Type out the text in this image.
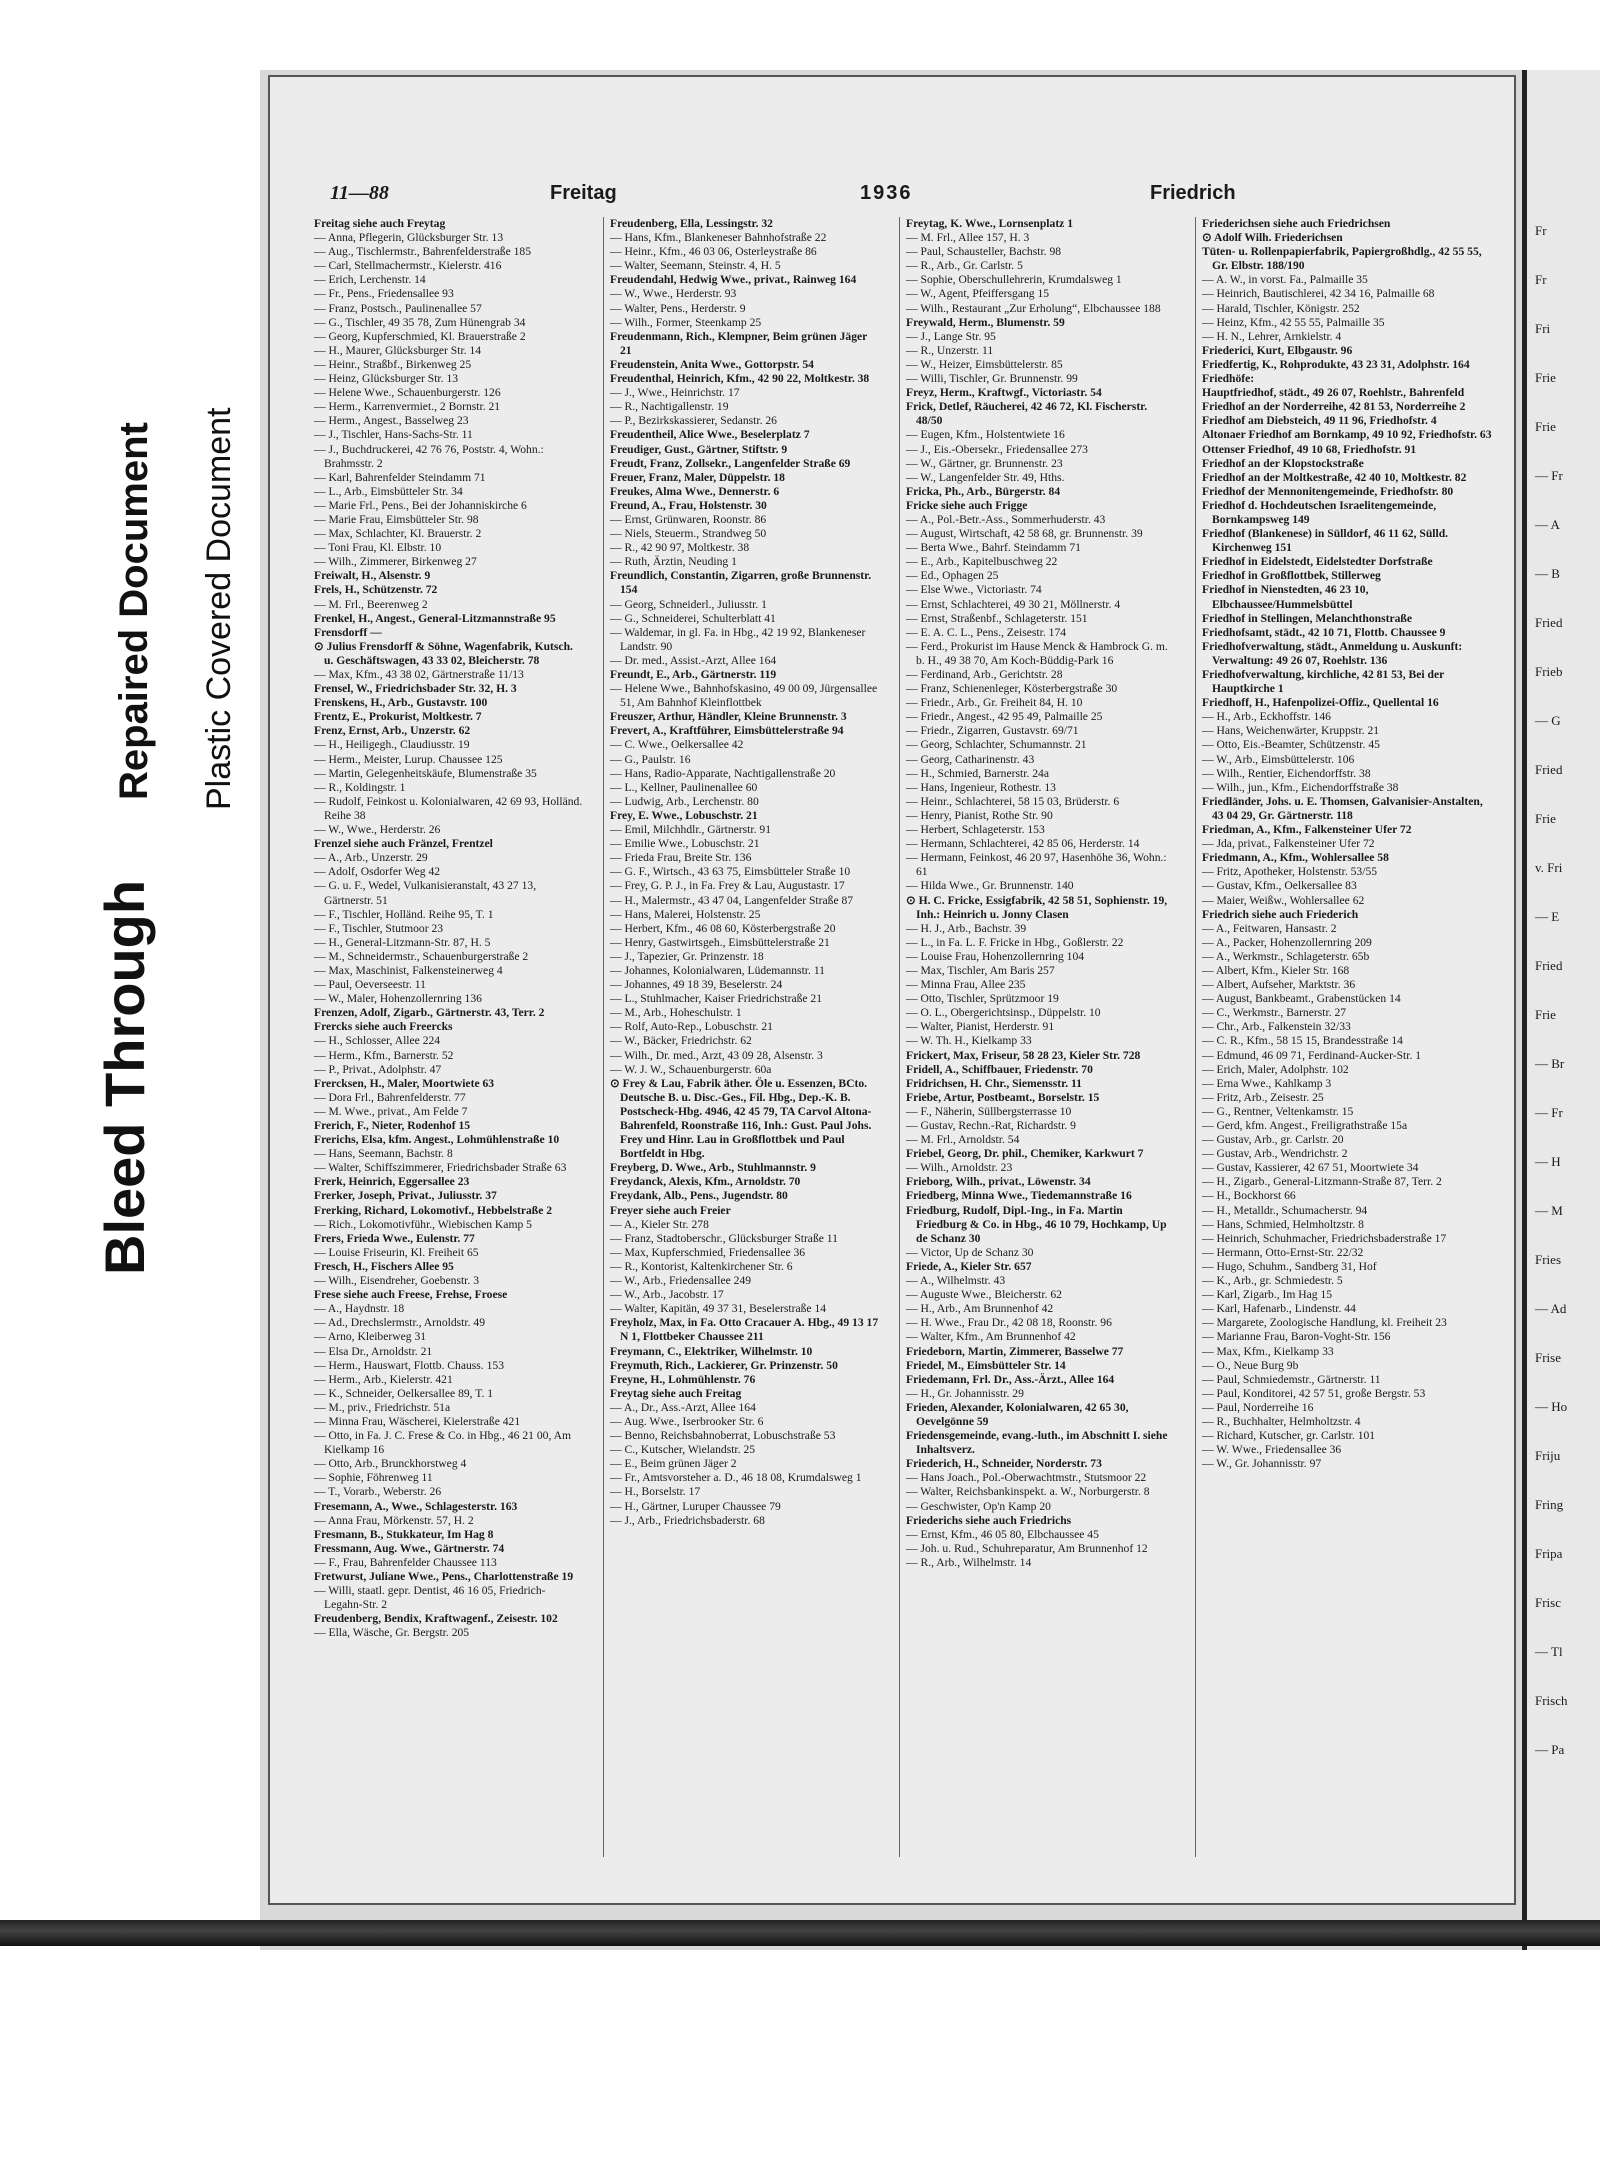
Bleed Through
Repaired Document Plastic Covered Document
11—88	Freitag	1936	Friedrich

Freitag siehe auch Freytag

— Anna, Pflegerin, Glücksburger Str. 13

— Aug., Tischlermstr., Bahrenfelderstraße 185

— Carl, Stellmachermstr., Kielerstr. 416

— Erich, Lerchenstr. 14

— Fr., Pens., Friedensallee 93

— Franz, Postsch., Paulinenallee 57

— G., Tischler, 49 35 78, Zum Hünengrab 34

— Georg, Kupferschmied, Kl. Brauerstraße 2

— H., Maurer, Glücksburger Str. 14

— Heinr., Straßbf., Birkenweg 25

— Heinz, Glücksburger Str. 13

— Helene Wwe., Schauenburgerstr. 126

— Herm., Karrenvermiet., 2 Bornstr. 21

— Herm., Angest., Basselweg 23

— J., Tischler, Hans-Sachs-Str. 11

— J., Buchdruckerei, 42 76 76, Poststr. 4, Wohn.: Brahmsstr. 2

— Karl, Bahrenfelder Steindamm 71

— L., Arb., Eimsbütteler Str. 34

— Marie Frl., Pens., Bei der Johanniskirche 6

— Marie Frau, Eimsbütteler Str. 98

— Max, Schlachter, Kl. Brauerstr. 2

— Toni Frau, Kl. Elbstr. 10

— Wilh., Zimmerer, Birkenweg 27

Freiwalt, H., Alsenstr. 9

Frels, H., Schützenstr. 72

— M. Frl., Beerenweg 2

Frenkel, H., Angest., General-Litzmannstraße 95

Frensdorff —

⊙ Julius Frensdorff & Söhne, Wagenfabrik, Kutsch. u. Geschäftswagen, 43 33 02, Bleicherstr. 78

— Max, Kfm., 43 38 02, Gärtnerstraße 11/13

Frensel, W., Friedrichsbader Str. 32, H. 3

Frenskens, H., Arb., Gustavstr. 100

Frentz, E., Prokurist, Moltkestr. 7

Frenz, Ernst, Arb., Unzerstr. 62

— H., Heiligegh., Claudiusstr. 19

— Herm., Meister, Lurup. Chaussee 125

— Martin, Gelegenheitskäufe, Blumenstraße 35

— R., Koldingstr. 1

— Rudolf, Feinkost u. Kolonialwaren, 42 69 93, Holländ. Reihe 38

— W., Wwe., Herderstr. 26

Frenzel siehe auch Fränzel, Frentzel

— A., Arb., Unzerstr. 29

— Adolf, Osdorfer Weg 42

— G. u. F., Wedel, Vulkanisieranstalt, 43 27 13, Gärtnerstr. 51

— F., Tischler, Holländ. Reihe 95, T. 1

— F., Tischler, Stutmoor 23

— H., General-Litzmann-Str. 87, H. 5

— M., Schneidermstr., Schauenburgerstraße 2

— Max, Maschinist, Falkensteinerweg 4

— Paul, Oeverseestr. 11

— W., Maler, Hohenzollernring 136

Frenzen, Adolf, Zigarb., Gärtnerstr. 43, Terr. 2

Frercks siehe auch Freercks

— H., Schlosser, Allee 224

— Herm., Kfm., Barnerstr. 52

— P., Privat., Adolphstr. 47

Frercksen, H., Maler, Moortwiete 63

— Dora Frl., Bahrenfelderstr. 77

— M. Wwe., privat., Am Felde 7

Frerich, F., Nieter, Rodenhof 15

Frerichs, Elsa, kfm. Angest., Lohmühlenstraße 10

— Hans, Seemann, Bachstr. 8

— Walter, Schiffszimmerer, Friedrichsbader Straße 63

Frerk, Heinrich, Eggersallee 23

Frerker, Joseph, Privat., Juliusstr. 37

Frerking, Richard, Lokomotivf., Hebbelstraße 2

— Rich., Lokomotivführ., Wiebischen Kamp 5

Frers, Frieda Wwe., Eulenstr. 77

— Louise Friseurin, Kl. Freiheit 65

Fresch, H., Fischers Allee 95

— Wilh., Eisendreher, Goebenstr. 3

Frese siehe auch Freese, Frehse, Froese

— A., Haydnstr. 18

— Ad., Drechslermstr., Arnoldstr. 49

— Arno, Kleiberweg 31

— Elsa Dr., Arnoldstr. 21

— Herm., Hauswart, Flottb. Chauss. 153

— Herm., Arb., Kielerstr. 421

— K., Schneider, Oelkersallee 89, T. 1

— M., priv., Friedrichstr. 51a

— Minna Frau, Wäscherei, Kielerstraße 421

— Otto, in Fa. J. C. Frese & Co. in Hbg., 46 21 00, Am Kielkamp 16

— Otto, Arb., Brunckhorstweg 4

— Sophie, Föhrenweg 11

— T., Vorarb., Weberstr. 26

Fresemann, A., Wwe., Schlagesterstr. 163

— Anna Frau, Mörkenstr. 57, H. 2

Fresmann, B., Stukkateur, Im Hag 8

Fressmann, Aug. Wwe., Gärtnerstr. 74

— F., Frau, Bahrenfelder Chaussee 113

Fretwurst, Juliane Wwe., Pens., Charlottenstraße 19

— Willi, staatl. gepr. Dentist, 46 16 05, Friedrich-Legahn-Str. 2

Freudenberg, Bendix, Kraftwagenf., Zeisestr. 102

— Ella, Wäsche, Gr. Bergstr. 205

Freudenberg, Ella, Lessingstr. 32

— Hans, Kfm., Blankeneser Bahnhofstraße 22

— Heinr., Kfm., 46 03 06, Osterleystraße 86

— Walter, Seemann, Steinstr. 4, H. 5

Freudendahl, Hedwig Wwe., privat., Rainweg 164

— W., Wwe., Herderstr. 93

— Walter, Pens., Herderstr. 9

— Wilh., Former, Steenkamp 25

Freudenmann, Rich., Klempner, Beim grünen Jäger 21

Freudenstein, Anita Wwe., Gottorpstr. 54

Freudenthal, Heinrich, Kfm., 42 90 22, Moltkestr. 38

— J., Wwe., Heinrichstr. 17

— R., Nachtigallenstr. 19

— P., Bezirkskassierer, Sedanstr. 26

Freudentheil, Alice Wwe., Beselerplatz 7

Freudiger, Gust., Gärtner, Stiftstr. 9

Freudt, Franz, Zollsekr., Langenfelder Straße 69

Freuer, Franz, Maler, Düppelstr. 18

Freukes, Alma Wwe., Dennerstr. 6

Freund, A., Frau, Holstenstr. 30

— Ernst, Grünwaren, Roonstr. 86

— Niels, Steuerm., Strandweg 50

— R., 42 90 97, Moltkestr. 38

— Ruth, Ärztin, Neuding 1

Freundlich, Constantin, Zigarren, große Brunnenstr. 154

— Georg, Schneiderl., Juliusstr. 1

— G., Schneiderei, Schulterblatt 41

— Waldemar, in gl. Fa. in Hbg., 42 19 92, Blankeneser Landstr. 90

— Dr. med., Assist.-Arzt, Allee 164

Freundt, E., Arb., Gärtnerstr. 119

— Helene Wwe., Bahnhofskasino, 49 00 09, Jürgensallee 51, Am Bahnhof Kleinflottbek

Freuszer, Arthur, Händler, Kleine Brunnenstr. 3

Frevert, A., Kraftführer, Eimsbüttelerstraße 94

— C. Wwe., Oelkersallee 42

— G., Paulstr. 16

— Hans, Radio-Apparate, Nachtigallenstraße 20

— L., Kellner, Paulinenallee 60

— Ludwig, Arb., Lerchenstr. 80

Frey, E. Wwe., Lobuschstr. 21

— Emil, Milchhdlr., Gärtnerstr. 91

— Emilie Wwe., Lobuschstr. 21

— Frieda Frau, Breite Str. 136

— G. F., Wirtsch., 43 63 75, Eimsbütteler Straße 10

— Frey, G. P. J., in Fa. Frey & Lau, Augustastr. 17

— H., Malermstr., 43 47 04, Langenfelder Straße 87

— Hans, Malerei, Holstenstr. 25

— Herbert, Kfm., 46 08 60, Kösterbergstraße 20

— Henry, Gastwirtsgeh., Eimsbüttelerstraße 21

— J., Tapezier, Gr. Prinzenstr. 18

— Johannes, Kolonialwaren, Lüdemannstr. 11

— Johannes, 49 18 39, Beselerstr. 24

— L., Stuhlmacher, Kaiser Friedrichstraße 21

— M., Arb., Hoheschulstr. 1

— Rolf, Auto-Rep., Lobuschstr. 21

— W., Bäcker, Friedrichstr. 62

— Wilh., Dr. med., Arzt, 43 09 28, Alsenstr. 3

— W. J. W., Schauenburgerstr. 60a

⊙ Frey & Lau, Fabrik äther. Öle u. Essenzen, BCto. Deutsche B. u. Disc.-Ges., Fil. Hbg., Dep.-K. B. Postscheck-Hbg. 4946, 42 45 79, TA Carvol Altona-Bahrenfeld, Roonstraße 116, Inh.: Gust. Paul Johs. Frey und Hinr. Lau in Großflottbek und Paul Bortfeldt in Hbg.

Freyberg, D. Wwe., Arb., Stuhlmannstr. 9

Freydanck, Alexis, Kfm., Arnoldstr. 70

Freydank, Alb., Pens., Jugendstr. 80

Freyer siehe auch Freier

— A., Kieler Str. 278

— Franz, Stadtoberschr., Glücksburger Straße 11

— Max, Kupferschmied, Friedensallee 36

— R., Kontorist, Kaltenkirchener Str. 6

— W., Arb., Friedensallee 249

— W., Arb., Jacobstr. 17

— Walter, Kapitän, 49 37 31, Beselerstraße 14

Freyholz, Max, in Fa. Otto Cracauer A. Hbg., 49 13 17 N 1, Flottbeker Chaussee 211

Freymann, C., Elektriker, Wilhelmstr. 10

Freymuth, Rich., Lackierer, Gr. Prinzenstr. 50

Freyne, H., Lohmühlenstr. 76

Freytag siehe auch Freitag

— A., Dr., Ass.-Arzt, Allee 164

— Aug. Wwe., Iserbrooker Str. 6

— Benno, Reichsbahnoberrat, Lobuschstraße 53

— C., Kutscher, Wielandstr. 25

— E., Beim grünen Jäger 2

— Fr., Amtsvorsteher a. D., 46 18 08, Krumdalsweg 1

— H., Borselstr. 17

— H., Gärtner, Luruper Chaussee 79

— J., Arb., Friedrichsbaderstr. 68

Freytag, K. Wwe., Lornsenplatz 1

— M. Frl., Allee 157, H. 3

— Paul, Schausteller, Bachstr. 98

— R., Arb., Gr. Carlstr. 5

— Sophie, Oberschullehrerin, Krumdalsweg 1

— W., Agent, Pfeiffersgang 15

— Wilh., Restaurant „Zur Erholung“, Elbchaussee 188

Freywald, Herm., Blumenstr. 59

— J., Lange Str. 95

— R., Unzerstr. 11

— W., Heizer, Eimsbüttelerstr. 85

— Willi, Tischler, Gr. Brunnenstr. 99

Freyz, Herm., Kraftwgf., Victoriastr. 54

Frick, Detlef, Räucherei, 42 46 72, Kl. Fischerstr. 48/50

— Eugen, Kfm., Holstentwiete 16

— J., Eis.-Obersekr., Friedensallee 273

— W., Gärtner, gr. Brunnenstr. 23

— W., Langenfelder Str. 49, Hths.

Fricka, Ph., Arb., Bürgerstr. 84

Fricke siehe auch Frigge

— A., Pol.-Betr.-Ass., Sommerhuderstr. 43

— August, Wirtschaft, 42 58 68, gr. Brunnenstr. 39

— Berta Wwe., Bahrf. Steindamm 71

— E., Arb., Kapitelbuschweg 22

— Ed., Ophagen 25

— Else Wwe., Victoriastr. 74

— Ernst, Schlachterei, 49 30 21, Möllnerstr. 4

— Ernst, Straßenbf., Schlageterstr. 151

— E. A. C. L., Pens., Zeisestr. 174

— Ferd., Prokurist im Hause Menck & Hambrock G. m. b. H., 49 38 70, Am Koch-Büddig-Park 16

— Ferdinand, Arb., Gerichtstr. 28

— Franz, Schienenleger, Kösterbergstraße 30

— Friedr., Arb., Gr. Freiheit 84, H. 10

— Friedr., Angest., 42 95 49, Palmaille 25

— Friedr., Zigarren, Gustavstr. 69/71

— Georg, Schlachter, Schumannstr. 21

— Georg, Catharinenstr. 43

— H., Schmied, Barnerstr. 24a

— Hans, Ingenieur, Rothestr. 13

— Heinr., Schlachterei, 58 15 03, Brüderstr. 6

— Henry, Pianist, Rothe Str. 90

— Herbert, Schlageterstr. 153

— Hermann, Schlachterei, 42 85 06, Herderstr. 14

— Hermann, Feinkost, 46 20 97, Hasenhöhe 36, Wohn.: 61

— Hilda Wwe., Gr. Brunnenstr. 140

⊙ H. C. Fricke, Essigfabrik, 42 58 51, Sophienstr. 19, Inh.: Heinrich u. Jonny Clasen

— H. J., Arb., Bachstr. 39

— L., in Fa. L. F. Fricke in Hbg., Goßlerstr. 22

— Louise Frau, Hohenzollernring 104

— Max, Tischler, Am Baris 257

— Minna Frau, Allee 235

— Otto, Tischler, Sprützmoor 19

— O. L., Obergerichtsinsp., Düppelstr. 10

— Walter, Pianist, Herderstr. 91

— W. Th. H., Kielkamp 33

Frickert, Max, Friseur, 58 28 23, Kieler Str. 728

Fridell, A., Schiffbauer, Friedenstr. 70

Fridrichsen, H. Chr., Siemensstr. 11

Friebe, Artur, Postbeamt., Borselstr. 15

— F., Näherin, Süllbergsterrasse 10

— Gustav, Rechn.-Rat, Richardstr. 9

— M. Frl., Arnoldstr. 54

Friebel, Georg, Dr. phil., Chemiker, Karkwurt 7

— Wilh., Arnoldstr. 23

Frieborg, Wilh., privat., Löwenstr. 34

Friedberg, Minna Wwe., Tiedemannstraße 16

Friedburg, Rudolf, Dipl.-Ing., in Fa. Martin Friedburg & Co. in Hbg., 46 10 79, Hochkamp, Up de Schanz 30

— Victor, Up de Schanz 30

Friede, A., Kieler Str. 657

— A., Wilhelmstr. 43

— Auguste Wwe., Bleicherstr. 62

— H., Arb., Am Brunnenhof 42

— H. Wwe., Frau Dr., 42 08 18, Roonstr. 96

— Walter, Kfm., Am Brunnenhof 42

Friedeborn, Martin, Zimmerer, Basselwe 77

Friedel, M., Eimsbütteler Str. 14

Friedemann, Frl. Dr., Ass.-Ärzt., Allee 164

— H., Gr. Johannisstr. 29

Frieden, Alexander, Kolonialwaren, 42 65 30, Oevelgönne 59

Friedensgemeinde, evang.-luth., im Abschnitt I. siehe Inhaltsverz.

Friederich, H., Schneider, Norderstr. 73

— Hans Joach., Pol.-Oberwachtmstr., Stutsmoor 22

— Walter, Reichsbankinspekt. a. W., Norburgerstr. 8

— Geschwister, Op'n Kamp 20

Friederichs siehe auch Friedrichs

— Ernst, Kfm., 46 05 80, Elbchaussee 45

— Joh. u. Rud., Schuhreparatur, Am Brunnenhof 12

— R., Arb., Wilhelmstr. 14

Friederichsen siehe auch Friedrichsen

⊙ Adolf Wilh. Friederichsen

Tüten- u. Rollenpapierfabrik, Papiergroßhdlg., 42 55 55, Gr. Elbstr. 188/190

— A. W., in vorst. Fa., Palmaille 35

— Heinrich, Bautischlerei, 42 34 16, Palmaille 68

— Harald, Tischler, Königstr. 252

— Heinz, Kfm., 42 55 55, Palmaille 35

— H. N., Lehrer, Arnkielstr. 4

Friederici, Kurt, Elbgaustr. 96

Friedfertig, K., Rohprodukte, 43 23 31, Adolphstr. 164

Friedhöfe:

Hauptfriedhof, städt., 49 26 07, Roehlstr., Bahrenfeld

Friedhof an der Norderreihe, 42 81 53, Norderreihe 2

Friedhof am Diebsteich, 49 11 96, Friedhofstr. 4

Altonaer Friedhof am Bornkamp, 49 10 92, Friedhofstr. 63

Ottenser Friedhof, 49 10 68, Friedhofstr. 91

Friedhof an der Klopstockstraße

Friedhof an der Moltkestraße, 42 40 10, Moltkestr. 82

Friedhof der Mennonitengemeinde, Friedhofstr. 80

Friedhof d. Hochdeutschen Israelitengemeinde, Bornkampsweg 149

Friedhof (Blankenese) in Sülldorf, 46 11 62, Sülld. Kirchenweg 151

Friedhof in Eidelstedt, Eidelstedter Dorfstraße

Friedhof in Großflottbek, Stillerweg

Friedhof in Nienstedten, 46 23 10, Elbchaussee/Hummelsbüttel

Friedhof in Stellingen, Melanchthonstraße

Friedhofsamt, städt., 42 10 71, Flottb. Chaussee 9

Friedhofverwaltung, städt., Anmeldung u. Auskunft: Verwaltung: 49 26 07, Roehlstr. 136

Friedhofverwaltung, kirchliche, 42 81 53, Bei der Hauptkirche 1

Friedhoff, H., Hafenpolizei-Offiz., Quellental 16

— H., Arb., Eckhoffstr. 146

— Hans, Weichenwärter, Kruppstr. 21

— Otto, Eis.-Beamter, Schützenstr. 45

— W., Arb., Eimsbüttelerstr. 106

— Wilh., Rentier, Eichendorffstr. 38

— Wilh., jun., Kfm., Eichendorffstraße 38

Friedländer, Johs. u. E. Thomsen, Galvanisier-Anstalten, 43 04 29, Gr. Gärtnerstr. 118

Friedman, A., Kfm., Falkensteiner Ufer 72

— Jda, privat., Falkensteiner Ufer 72

Friedmann, A., Kfm., Wohlersallee 58

— Fritz, Apotheker, Holstenstr. 53/55

— Gustav, Kfm., Oelkersallee 83

— Maier, Weißw., Wohlersallee 62

Friedrich siehe auch Friederich

— A., Feitwaren, Hansastr. 2

— A., Packer, Hohenzollernring 209

— A., Werkmstr., Schlageterstr. 65b

— Albert, Kfm., Kieler Str. 168

— Albert, Aufseher, Marktstr. 36

— August, Bankbeamt., Grabenstücken 14

— C., Werkmstr., Barnerstr. 27

— Chr., Arb., Falkenstein 32/33

— C. R., Kfm., 58 15 15, Brandesstraße 14

— Edmund, 46 09 71, Ferdinand-Aucker-Str. 1

— Erich, Maler, Adolphstr. 102

— Erna Wwe., Kahlkamp 3

— Fritz, Arb., Zeisestr. 25

— G., Rentner, Veltenkamstr. 15

— Gerd, kfm. Angest., Freiligrathstraße 15a

— Gustav, Arb., gr. Carlstr. 20

— Gustav, Arb., Wendrichstr. 2

— Gustav, Kassierer, 42 67 51, Moortwiete 34

— H., Zigarb., General-Litzmann-Straße 87, Terr. 2

— H., Bockhorst 66

— H., Metalldr., Schumacherstr. 94

— Hans, Schmied, Helmholtzstr. 8

— Heinrich, Schuhmacher, Friedrichsbaderstraße 17

— Hermann, Otto-Ernst-Str. 22/32

— Hugo, Schuhm., Sandberg 31, Hof

— K., Arb., gr. Schmiedestr. 5

— Karl, Zigarb., Im Hag 15

— Karl, Hafenarb., Lindenstr. 44

— Margarete, Zoologische Handlung, kl. Freiheit 23

— Marianne Frau, Baron-Voght-Str. 156

— Max, Kfm., Kielkamp 33

— O., Neue Burg 9b

— Paul, Schmiedemstr., Gärtnerstr. 11

— Paul, Konditorei, 42 57 51, große Bergstr. 53

— Paul, Norderreihe 16

— R., Buchhalter, Helmholtzstr. 4

— Richard, Kutscher, gr. Carlstr. 101

— W. Wwe., Friedensallee 36

— W., Gr. Johannisstr. 97

Fr
Fr
Fri
Frie
Frie
— Fr
— A
— B
Fried
Frieb
— G
Fried
Frie
v. Fri
— E
Fried
Frie
— Br
— Fr
— H
— M
Fries
— Ad
Frise
— Ho
Friju
Fring
Fripa
Frisc
— Tl
Frisch
— Pa
